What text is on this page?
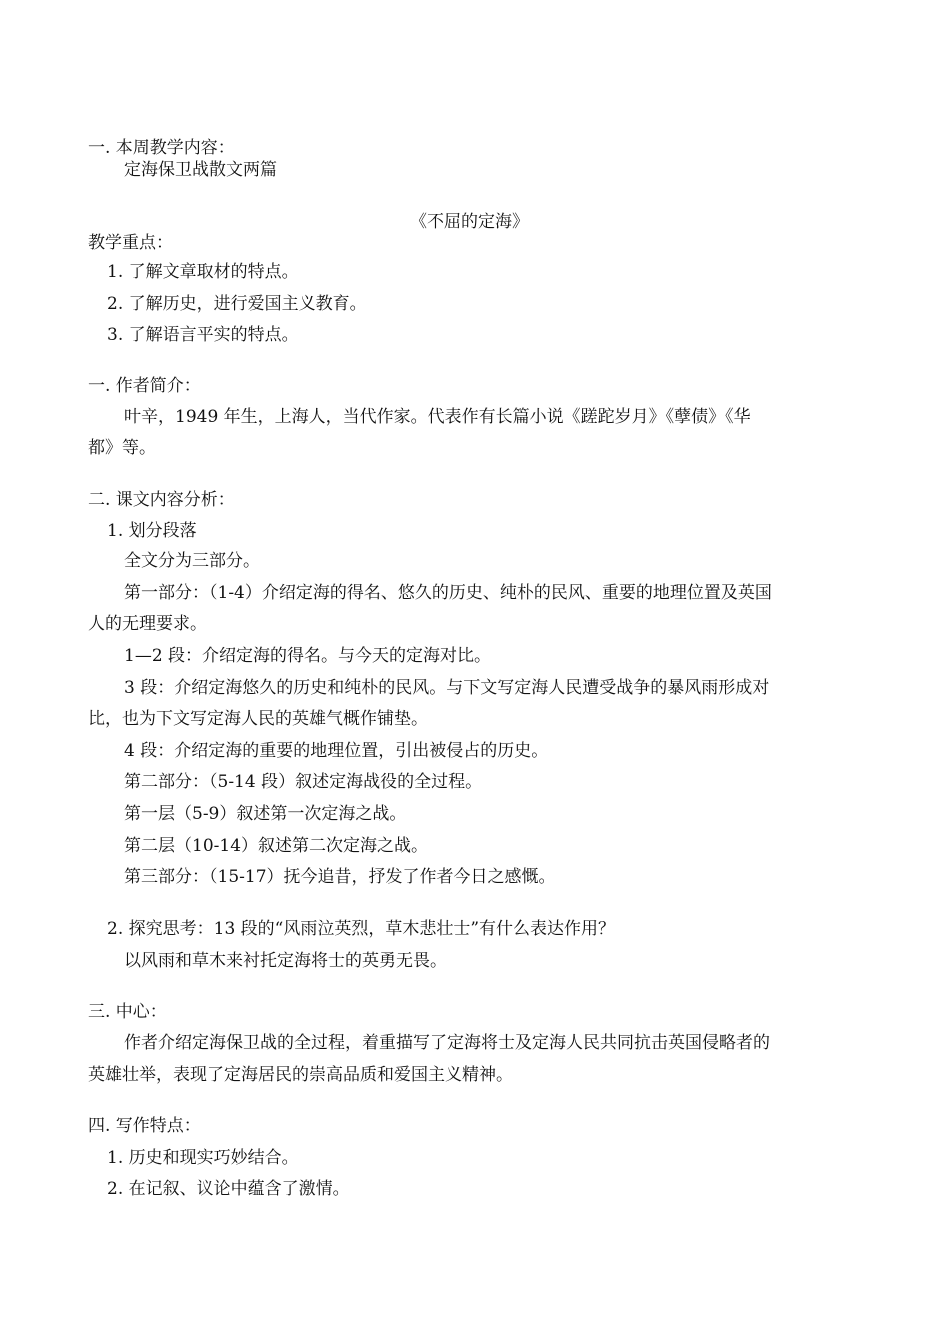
一. 本周教学内容：
定海保卫战散文两篇
《不屈的定海》
教学重点：
1. 了解文章取材的特点。
2. 了解历史，进行爱国主义教育。
3. 了解语言平实的特点。
一. 作者简介：
叶辛，1949 年生，上海人，当代作家。代表作有长篇小说《蹉跎岁月》《孽债》《华
都》等。
二. 课文内容分析：
1. 划分段落
全文分为三部分。
第一部分：（1-4）介绍定海的得名、悠久的历史、纯朴的民风、重要的地理位置及英国
人的无理要求。
1—2 段：介绍定海的得名。与今天的定海对比。
3 段：介绍定海悠久的历史和纯朴的民风。与下文写定海人民遭受战争的暴风雨形成对
比，也为下文写定海人民的英雄气概作铺垫。
4 段：介绍定海的重要的地理位置，引出被侵占的历史。
第二部分：（5-14 段）叙述定海战役的全过程。
第一层（5-9）叙述第一次定海之战。
第二层（10-14）叙述第二次定海之战。
第三部分：（15-17）抚今追昔，抒发了作者今日之感慨。
2. 探究思考：13 段的“风雨泣英烈，草木悲壮士”有什么表达作用？
以风雨和草木来衬托定海将士的英勇无畏。
三. 中心：
作者介绍定海保卫战的全过程，着重描写了定海将士及定海人民共同抗击英国侵略者的
英雄壮举，表现了定海居民的崇高品质和爱国主义精神。
四. 写作特点：
1. 历史和现实巧妙结合。
2. 在记叙、议论中蕴含了激情。
